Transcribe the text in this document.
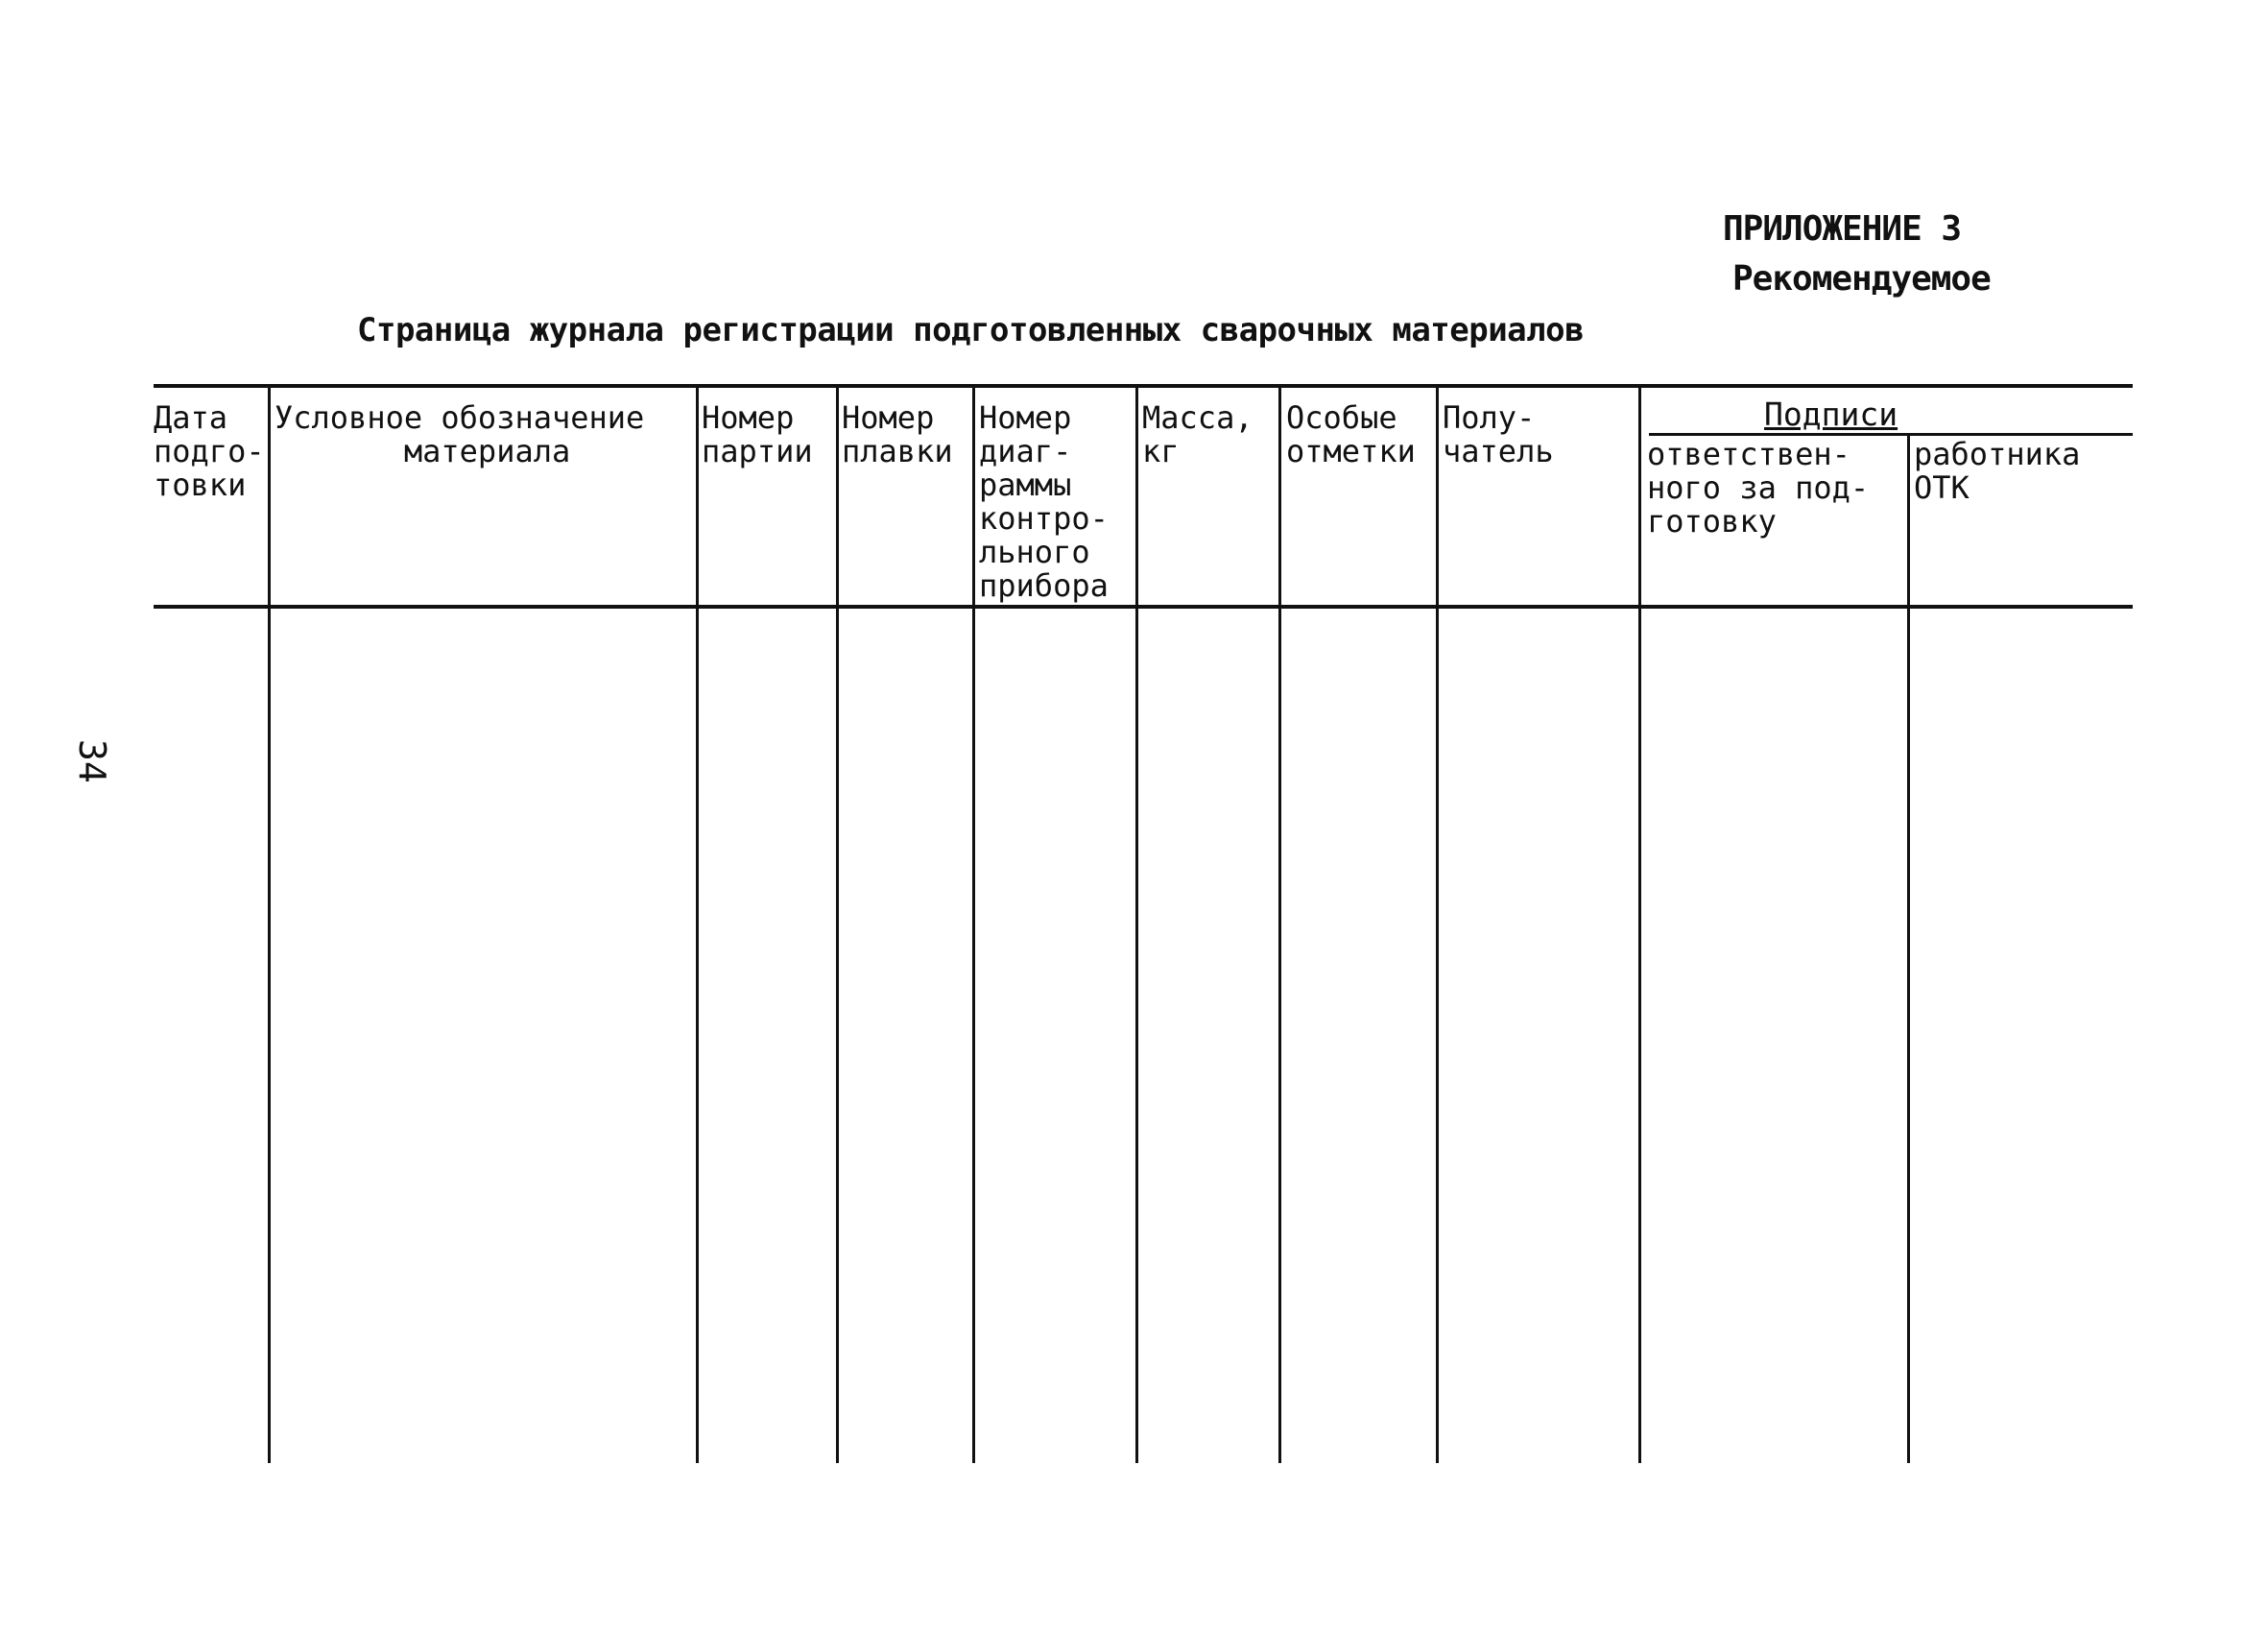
ПРИЛОЖЕНИЕ 3
Рекомендуемое
Страница журнала регистрации подготовленных сварочных материалов
34
Дата
подго-
товки
Условное обозначение
материала
Номер
партии
Номер
плавки
Номер
диаг-
раммы
контро-
льного
прибора
Масса,
кг
Особые
отметки
Полу-
чатель
Подписи
ответствен-
ного за под-
готовку
работника
ОТК
